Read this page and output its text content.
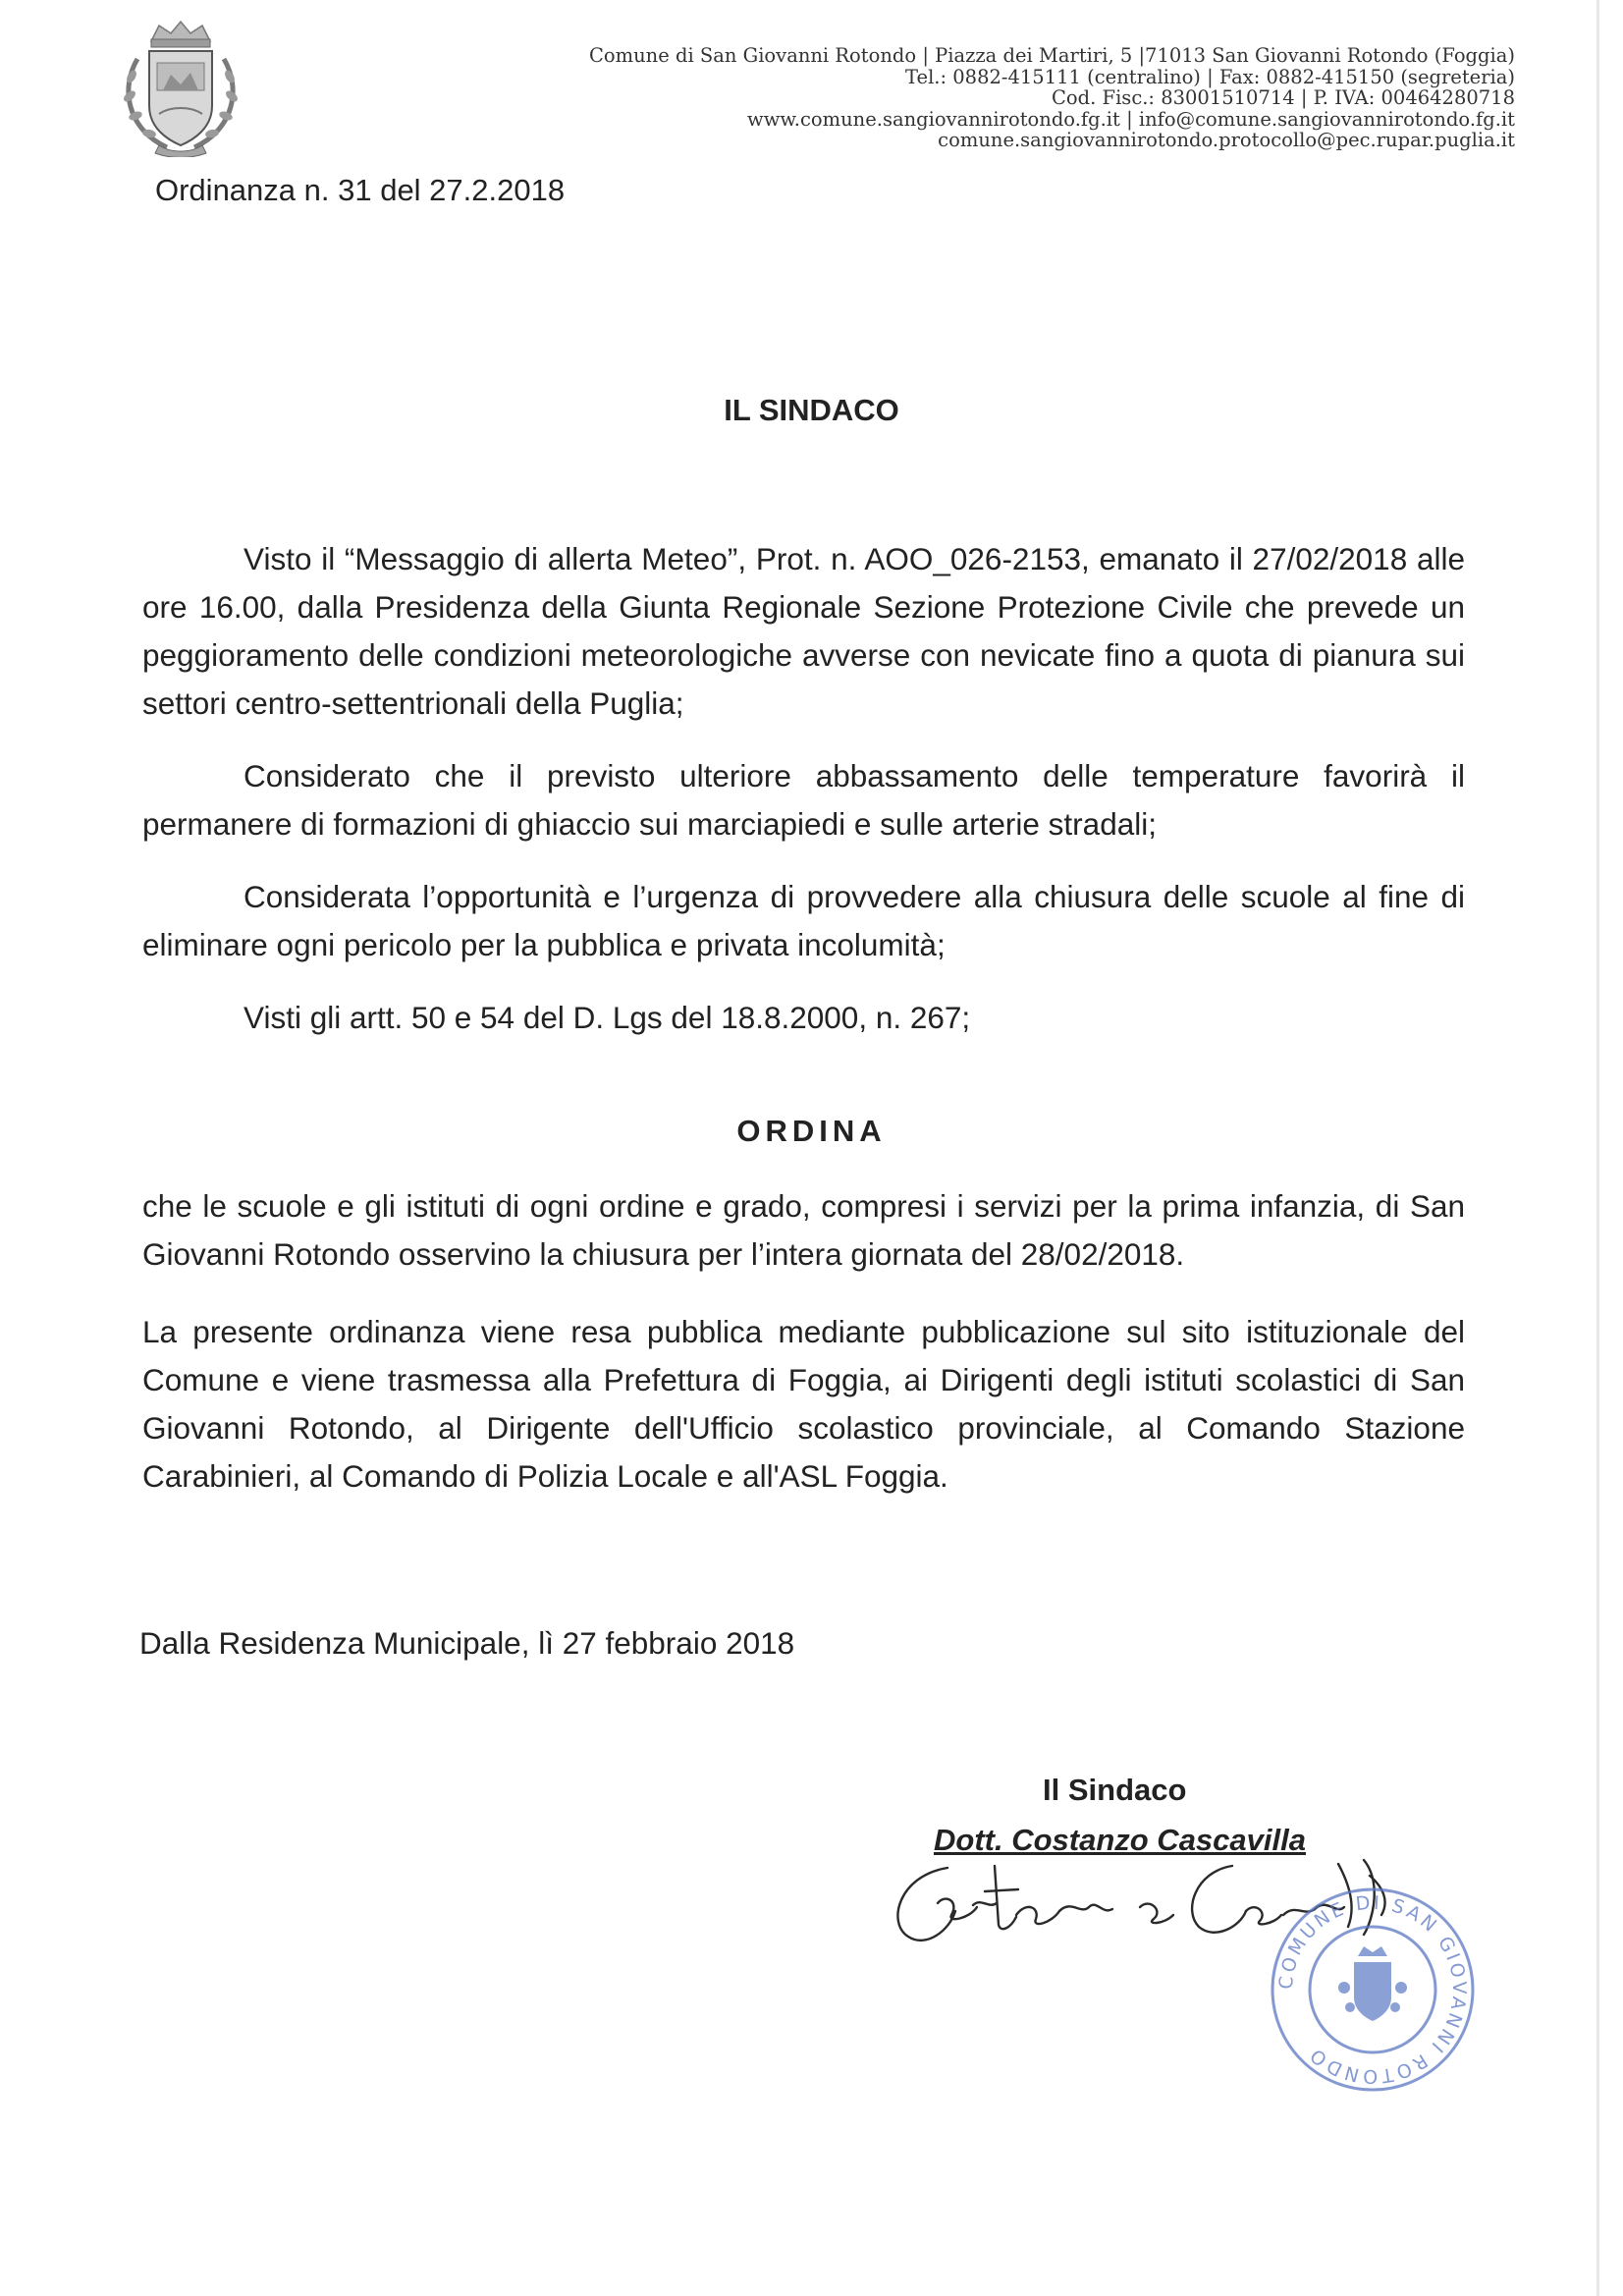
Comune di San Giovanni Rotondo | Piazza dei Martiri, 5 |71013 San Giovanni Rotondo (Foggia)
Tel.: 0882-415111 (centralino) | Fax: 0882-415150 (segreteria)
Cod. Fisc.: 83001510714 | P. IVA: 00464280718
www.comune.sangiovannirotondo.fg.it | info@comune.sangiovannirotondo.fg.it
comune.sangiovannirotondo.protocollo@pec.rupar.puglia.it
Ordinanza n. 31 del 27.2.2018
IL SINDACO

Visto il “Messaggio di allerta Meteo”, Prot. n. AOO_026-2153, emanato il 27/02/2018 alle ore 16.00, dalla Presidenza della Giunta Regionale Sezione Protezione Civile che prevede un peggioramento delle condizioni meteorologiche avverse con nevicate fino a quota di pianura sui settori centro-settentrionali della Puglia;

Considerato che il previsto ulteriore abbassamento delle temperature favorirà il permanere di formazioni di ghiaccio sui marciapiedi e sulle arterie stradali;

Considerata l’opportunità e l’urgenza di provvedere alla chiusura delle scuole al fine di eliminare ogni pericolo per la pubblica e privata incolumità;

Visti gli artt. 50 e 54 del D. Lgs del 18.8.2000, n. 267;

ORDINA

che le scuole e gli istituti di ogni ordine e grado, compresi i servizi per la prima infanzia, di San Giovanni Rotondo osservino la chiusura per l’intera giornata del 28/02/2018.

La presente ordinanza viene resa pubblica mediante pubblicazione sul sito istituzionale del Comune e viene trasmessa alla Prefettura di Foggia, ai Dirigenti degli istituti scolastici di San Giovanni Rotondo, al Dirigente dell'Ufficio scolastico provinciale, al Comando Stazione Carabinieri, al Comando di Polizia Locale e all'ASL Foggia.

Dalla Residenza Municipale, lì 27 febbraio 2018
Il Sindaco
Dott. Costanzo Cascavilla
COMUNE DI SAN GIOVANNI ROTONDO
